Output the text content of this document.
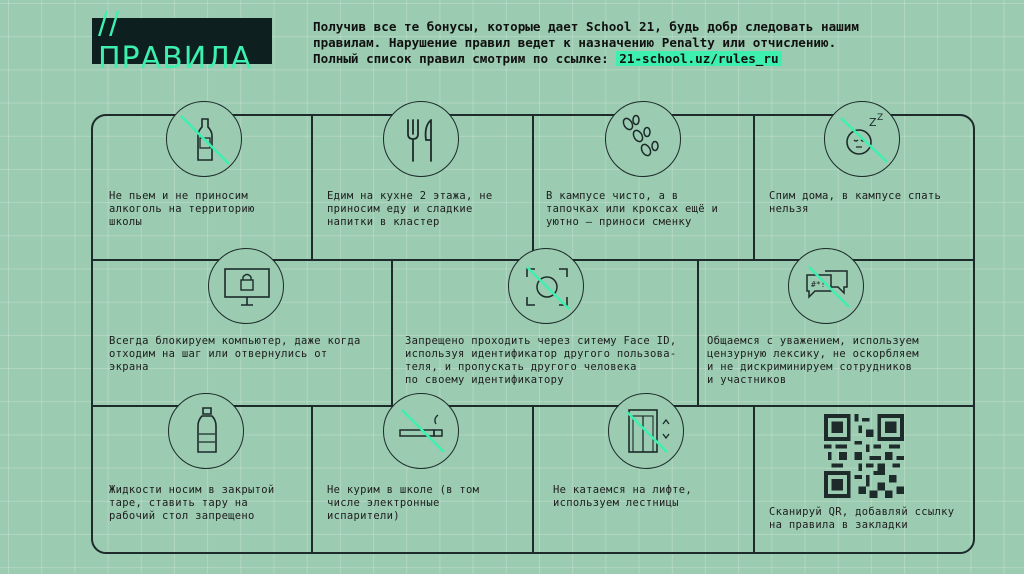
//ПРАВИЛА
Получив все те бонусы, которые дает School 21, будь добр следовать нашим
правилам. Нарушение правил ведет к назначению Penalty или отчислению.
Полный список правил смотрим по ссылке: 21-school.uz/rules_ru
Не пьем и не приносим
алкоголь на территорию
школы
Едим на кухне 2 этажа, не
приносим еду и сладкие
напитки в кластер
В кампусе чисто, а в
тапочках или кроксах ещё и
уютно – приноси сменку
Z Z
Спим дома, в кампусе спать
нельзя
Всегда блокируем компьютер, даже когда
отходим на шаг или отвернулись от
экрана
Запрещено проходить через ситему Face ID,
используя идентификатор другого пользова-
теля, и пропускать другого человека
по своему идентификатору
#*!
Общаемся с уважением, используем
цензурную лексику, не оскорбляем
и не дискриминируем сотрудников
и участников
Жидкости носим в закрытой
таре, ставить тару на
рабочий стол запрещено
Не курим в школе (в том
числе электронные
испарители)
Не катаемся на лифте,
используем лестницы
Сканируй QR, добавляй ссылку
на правила в закладки
